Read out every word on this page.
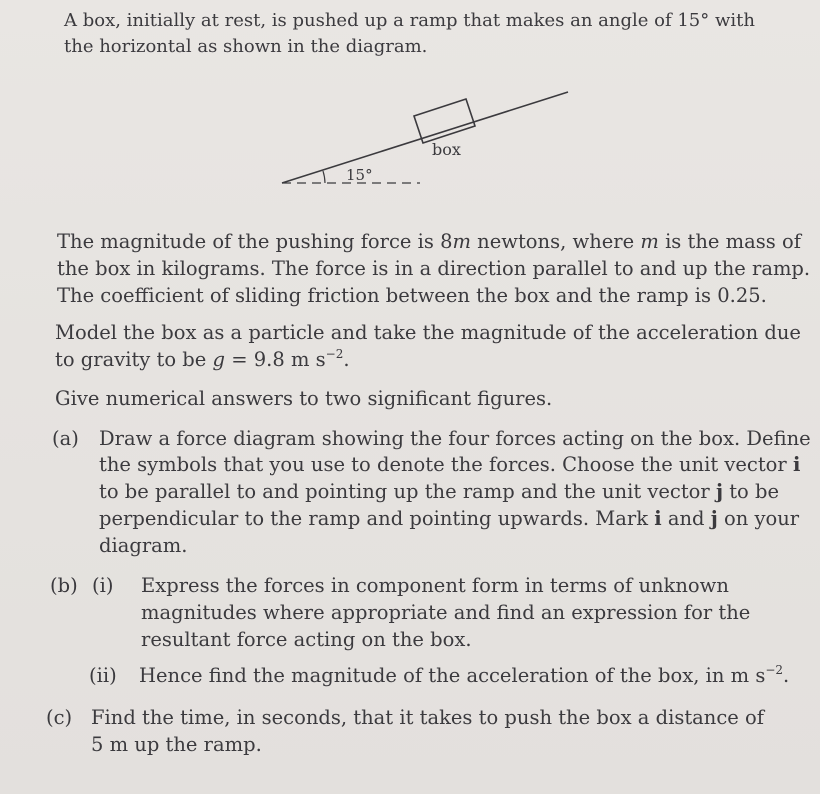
A box, initially at rest, is pushed up a ramp that makes an angle of 15° with
the horizontal as shown in the diagram.
box
15°
The magnitude of the pushing force is 8m newtons, where m is the mass of
the box in kilograms. The force is in a direction parallel to and up the ramp.
The coefficient of sliding friction between the box and the ramp is 0.25.
Model the box as a particle and take the magnitude of the acceleration due
to gravity to be g = 9.8 m $s^{-2}$.
Give numerical answers to two significant figures.
(a) Draw a force diagram showing the four forces acting on the box. Define
the symbols that you use to denote the forces. Choose the unit vector i
to be parallel to and pointing up the ramp and the unit vector j to be
perpendicular to the ramp and pointing upwards. Mark i and j on your
diagram.
(b) (i) Express the forces in component form in terms of unknown
magnitudes where appropriate and find an expression for the
resultant force acting on the box.
(ii) Hence find the magnitude of the acceleration of the box, in m $s^{-2}$.
(c) Find the time, in seconds, that it takes to push the box a distance of
5 m up the ramp.
